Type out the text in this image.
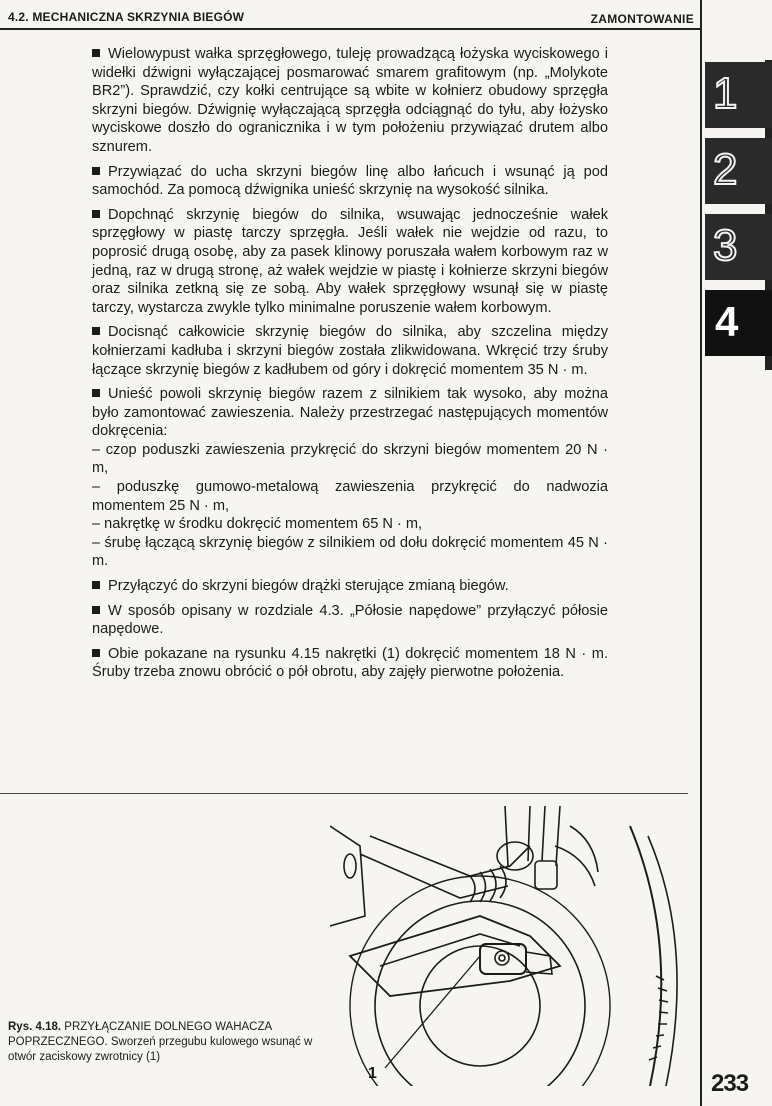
4.2. MECHANICZNA SKRZYNIA BIEGÓW	ZAMONTOWANIE
1
2
3
4

Wielowypust wałka sprzęgłowego, tuleję prowadzącą łożyska wyciskowego i widełki dźwigni wyłączającej posmarować smarem grafitowym (np. „Molykote BR2”). Sprawdzić, czy kołki centrujące są wbite w kołnierz obudowy sprzęgła skrzyni biegów. Dźwignię wyłączającą sprzęgła odciągnąć do tyłu, aby łożysko wyciskowe doszło do ogranicznika i w tym położeniu przywiązać drutem albo sznurem.

Przywiązać do ucha skrzyni biegów linę albo łańcuch i wsunąć ją pod samochód. Za pomocą dźwignika unieść skrzynię na wysokość silnika.

Dopchnąć skrzynię biegów do silnika, wsuwając jednocześnie wałek sprzęgłowy w piastę tarczy sprzęgła. Jeśli wałek nie wejdzie od razu, to poprosić drugą osobę, aby za pasek klinowy poruszała wałem korbowym raz w jedną, raz w drugą stronę, aż wałek wejdzie w piastę i kołnierze skrzyni biegów oraz silnika zetkną się ze sobą. Aby wałek sprzęgłowy wsunął się w piastę tarczy, wystarcza zwykle tylko minimalne poruszenie wałem korbowym.

Docisnąć całkowicie skrzynię biegów do silnika, aby szczelina między kołnierzami kadłuba i skrzyni biegów została zlikwidowana. Wkręcić trzy śruby łączące skrzynię biegów z kadłubem od góry i dokręcić momentem 35 N · m.

Unieść powoli skrzynię biegów razem z silnikiem tak wysoko, aby można było zamontować zawieszenia. Należy przestrzegać następujących momentów dokręcenia:

– czop poduszki zawieszenia przykręcić do skrzyni biegów momentem 20 N · m,

– poduszkę gumowo-metalową zawieszenia przykręcić do nadwozia momentem 25 N · m,

– nakrętkę w środku dokręcić momentem 65 N · m,

– śrubę łączącą skrzynię biegów z silnikiem od dołu dokręcić momentem 45 N · m.

Przyłączyć do skrzyni biegów drążki sterujące zmianą biegów.

W sposób opisany w rozdziale 4.3. „Półosie napędowe” przyłączyć półosie napędowe.

Obie pokazane na rysunku 4.15 nakrętki (1) dokręcić momentem 18 N · m. Śruby trzeba znowu obrócić o pół obrotu, aby zajęły pierwotne położenia.

1
Rys. 4.18. PRZYŁĄCZANIE DOLNEGO WAHACZA POPRZECZNEGO. Sworzeń przegubu kulowego wsunąć w otwór zaciskowy zwrotnicy (1)
233
